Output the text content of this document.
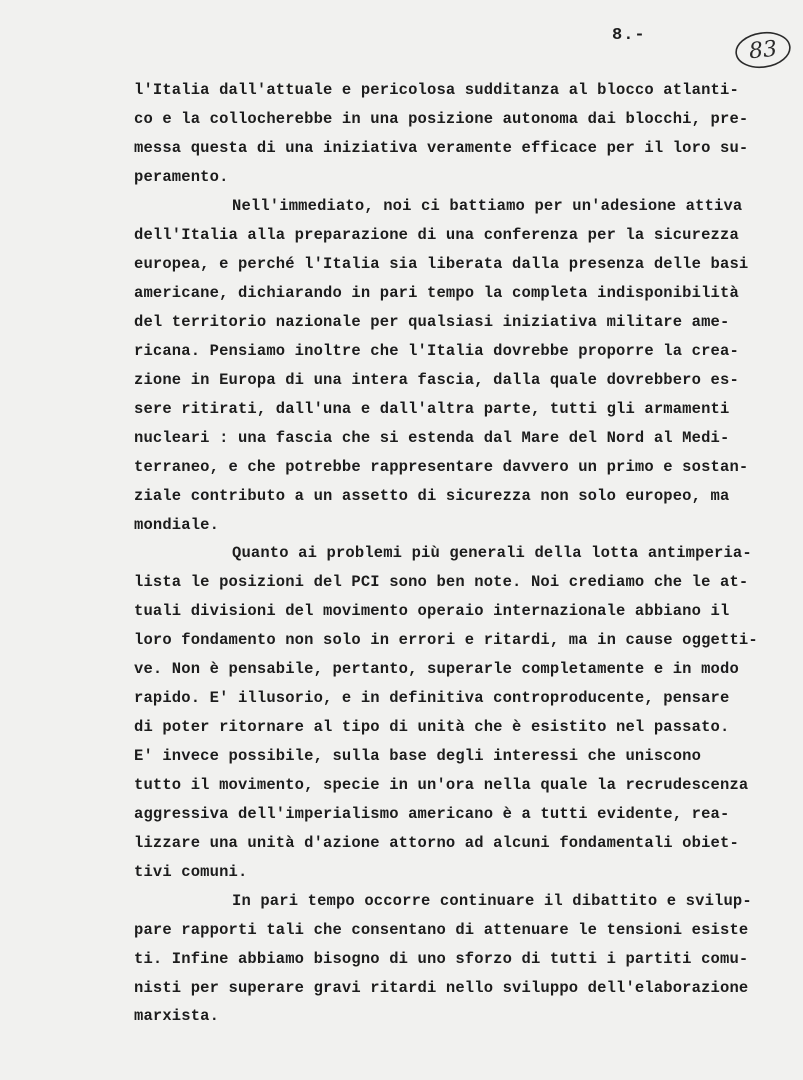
8.-
83
l'Italia dall'attuale e pericolosa sudditanza al blocco atlanti-
co e la collocherebbe in una posizione autonoma dai blocchi, pre-
messa questa di una iniziativa veramente efficace per il loro su-
peramento.
Nell'immediato, noi ci battiamo per un'adesione attiva
dell'Italia alla preparazione di una conferenza per la sicurezza
europea, e perché l'Italia sia liberata dalla presenza delle basi
americane, dichiarando in pari tempo la completa indisponibilità
del territorio nazionale per qualsiasi iniziativa militare ame-
ricana. Pensiamo inoltre che l'Italia dovrebbe proporre la crea-
zione in Europa di una intera fascia, dalla quale dovrebbero es-
sere ritirati, dall'una e dall'altra parte, tutti gli armamenti
nucleari : una fascia che si estenda dal Mare del Nord al Medi-
terraneo, e che potrebbe rappresentare davvero un primo e sostan-
ziale contributo a un assetto di sicurezza non solo europeo, ma
mondiale.
Quanto ai problemi più generali della lotta antimperia-
lista le posizioni del PCI sono ben note. Noi crediamo che le at-
tuali divisioni del movimento operaio internazionale abbiano il
loro fondamento non solo in errori e ritardi, ma in cause oggetti-
ve. Non è pensabile, pertanto, superarle completamente e in modo
rapido. E' illusorio, e in definitiva controproducente, pensare
di poter ritornare al tipo di unità che è esistito nel passato.
E' invece possibile, sulla base degli interessi che uniscono
tutto il movimento, specie in un'ora nella quale la recrudescenza
aggressiva dell'imperialismo americano è a tutti evidente, rea-
lizzare una unità d'azione attorno ad alcuni fondamentali obiet-
tivi comuni.
In pari tempo occorre continuare il dibattito e svilup-
pare rapporti tali che consentano di attenuare le tensioni esiste
ti. Infine abbiamo bisogno di uno sforzo di tutti i partiti comu-
nisti per superare gravi ritardi nello sviluppo dell'elaborazione
marxista.
